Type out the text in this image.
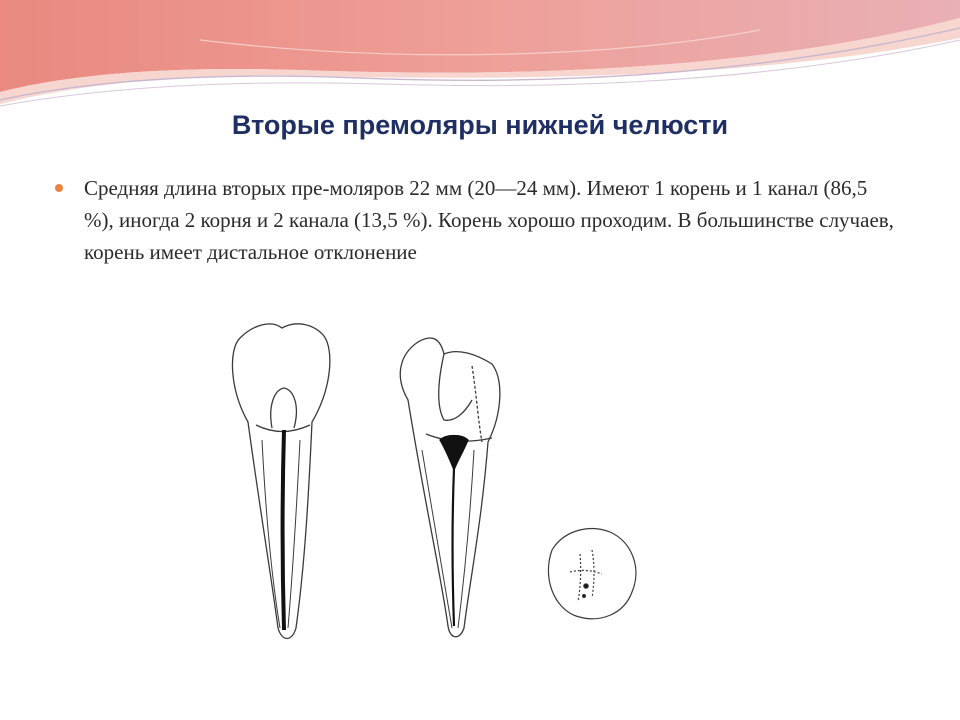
Вторые премоляры нижней челюсти
Средняя длина вторых пре-моляров 22 мм (20—24 мм). Имеют 1 корень и 1 канал (86,5 %), иногда 2 корня и 2 канала (13,5 %). Корень хорошо проходим. В большинстве случаев, корень имеет дистальное отклонение
